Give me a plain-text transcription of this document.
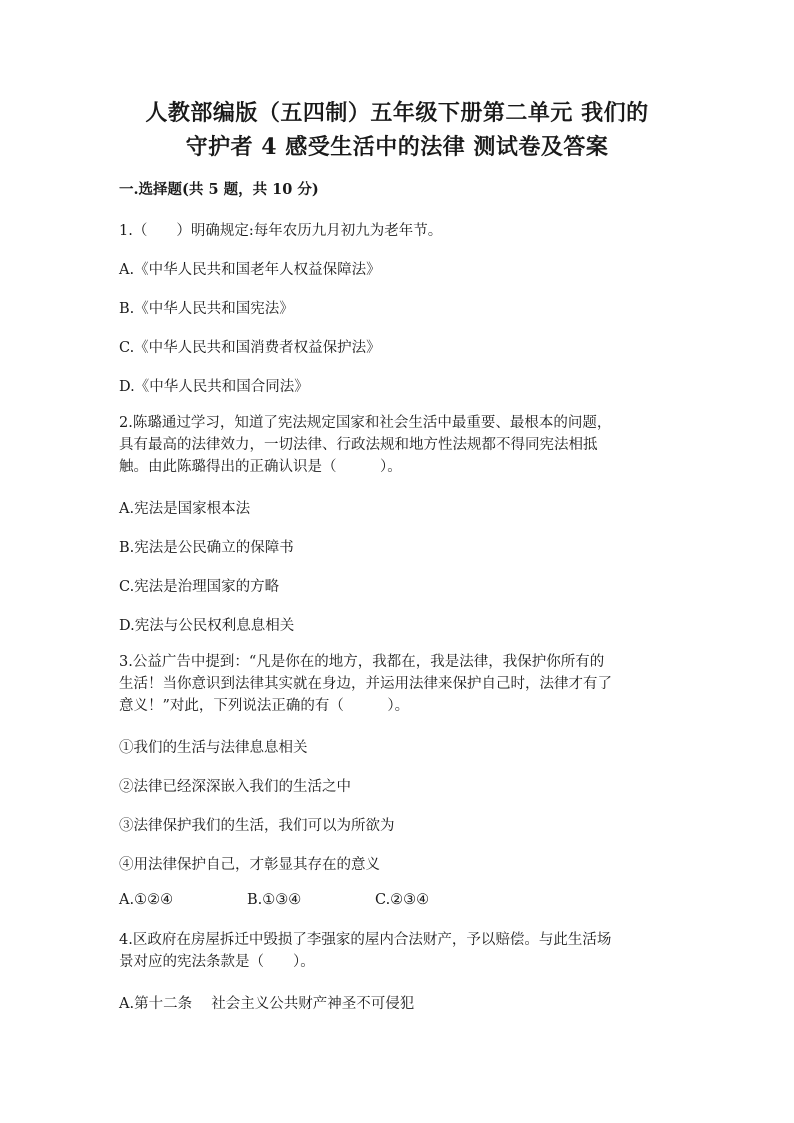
人教部编版（五四制）五年级下册第二单元 我们的
守护者 4 感受生活中的法律 测试卷及答案
一.选择题(共 5 题，共 10 分)
1.（　　）明确规定:每年农历九月初九为老年节。
A.《中华人民共和国老年人权益保障法》
B.《中华人民共和国宪法》
C.《中华人民共和国消费者权益保护法》
D.《中华人民共和国合同法》
2.陈璐通过学习，知道了宪法规定国家和社会生活中最重要、最根本的问题，
具有最高的法律效力，一切法律、行政法规和地方性法规都不得同宪法相抵
触。由此陈璐得出的正确认识是（　　　）。
A.宪法是国家根本法
B.宪法是公民确立的保障书
C.宪法是治理国家的方略
D.宪法与公民权利息息相关
3.公益广告中提到：“凡是你在的地方，我都在，我是法律，我保护你所有的
生活！当你意识到法律其实就在身边，并运用法律来保护自己时，法律才有了
意义！”对此，下列说法正确的有（　　　）。
①我们的生活与法律息息相关
②法律已经深深嵌入我们的生活之中
③法律保护我们的生活，我们可以为所欲为
④用法律保护自己，才彰显其存在的意义
A.①②④	B.①③④	C.②③④
4.区政府在房屋拆迁中毁损了李强家的屋内合法财产，予以赔偿。与此生活场
景对应的宪法条款是（　　）。
A.第十二条　 社会主义公共财产神圣不可侵犯
